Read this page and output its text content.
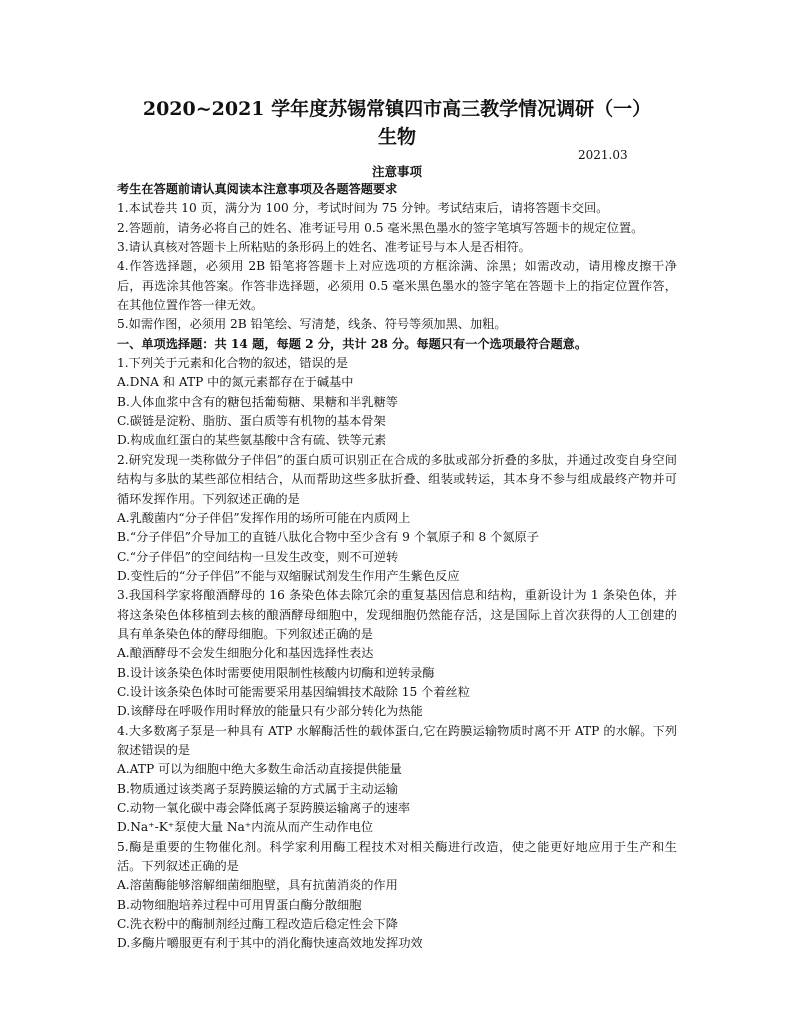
2020~2021 学年度苏锡常镇四市高三教学情况调研（一）
生物
2021.03
注意事项

考生在答题前请认真阅读本注意事项及各题答题要求

1.本试卷共 10 页，满分为 100 分，考试时间为 75 分钟。考试结束后，请将答题卡交回。

2.答题前，请务必将自己的姓名、准考证号用 0.5 毫米黑色墨水的签字笔填写答题卡的规定位置。

3.请认真核对答题卡上所粘贴的条形码上的姓名、准考证号与本人是否相符。

4.作答选择题，必须用 2B 铅笔将答题卡上对应选项的方框涂满、涂黑；如需改动，请用橡皮擦干净后，再选涂其他答案。作答非选择题，必须用 0.5 毫米黑色墨水的签字笔在答题卡上的指定位置作答，在其他位置作答一律无效。

5.如需作图，必须用 2B 铅笔绘、写清楚，线条、符号等须加黑、加粗。

一、单项选择题：共 14 题，每题 2 分，共计 28 分。每题只有一个选项最符合题意。

1.下列关于元素和化合物的叙述，错误的是

A.DNA 和 ATP 中的氮元素都存在于碱基中

B.人体血浆中含有的糖包括葡萄糖、果糖和半乳糖等

C.碳链是淀粉、脂肪、蛋白质等有机物的基本骨架

D.构成血红蛋白的某些氨基酸中含有硫、铁等元素

2.研究发现一类称做分子伴侣”的蛋白质可识别正在合成的多肽或部分折叠的多肽，并通过改变自身空间结构与多肽的某些部位相结合，从而帮助这些多肽折叠、组装或转运，其本身不参与组成最终产物并可循环发挥作用。下列叙述正确的是

A.乳酸菌内“分子伴侣”发挥作用的场所可能在内质网上

B.“分子伴侣”介导加工的直链八肽化合物中至少含有 9 个氧原子和 8 个氮原子

C.“分子伴侣”的空间结构一旦发生改变，则不可逆转

D.变性后的“分子伴侣”不能与双缩脲试剂发生作用产生紫色反应

3.我国科学家将酿酒酵母的 16 条染色体去除冗余的重复基因信息和结构，重新设计为 1 条染色体，并将这条染色体移植到去核的酿酒酵母细胞中，发现细胞仍然能存活，这是国际上首次获得的人工创建的具有单条染色体的酵母细胞。下列叙述正确的是

A.酿酒酵母不会发生细胞分化和基因选择性表达

B.设计该条染色体时需要使用限制性核酸内切酶和逆转录酶

C.设计该条染色体时可能需要采用基因编辑技术敲除 15 个着丝粒

D.该酵母在呼吸作用时释放的能量只有少部分转化为热能

4.大多数离子泵是一种具有 ATP 水解酶活性的载体蛋白,它在跨膜运输物质时离不开 ATP 的水解。下列叙述错误的是

A.ATP 可以为细胞中绝大多数生命活动直接提供能量

B.物质通过该类离子泵跨膜运输的方式属于主动运输

C.动物一氧化碳中毒会降低离子泵跨膜运输离子的速率

D.Na⁺-K⁺泵使大量 Na⁺内流从而产生动作电位

5.酶是重要的生物催化剂。科学家利用酶工程技术对相关酶进行改造，使之能更好地应用于生产和生活。下列叙述正确的是

A.溶菌酶能够溶解细菌细胞壁，具有抗菌消炎的作用

B.动物细胞培养过程中可用胃蛋白酶分散细胞

C.洗衣粉中的酶制剂经过酶工程改造后稳定性会下降

D.多酶片嚼服更有利于其中的消化酶快速高效地发挥功效
